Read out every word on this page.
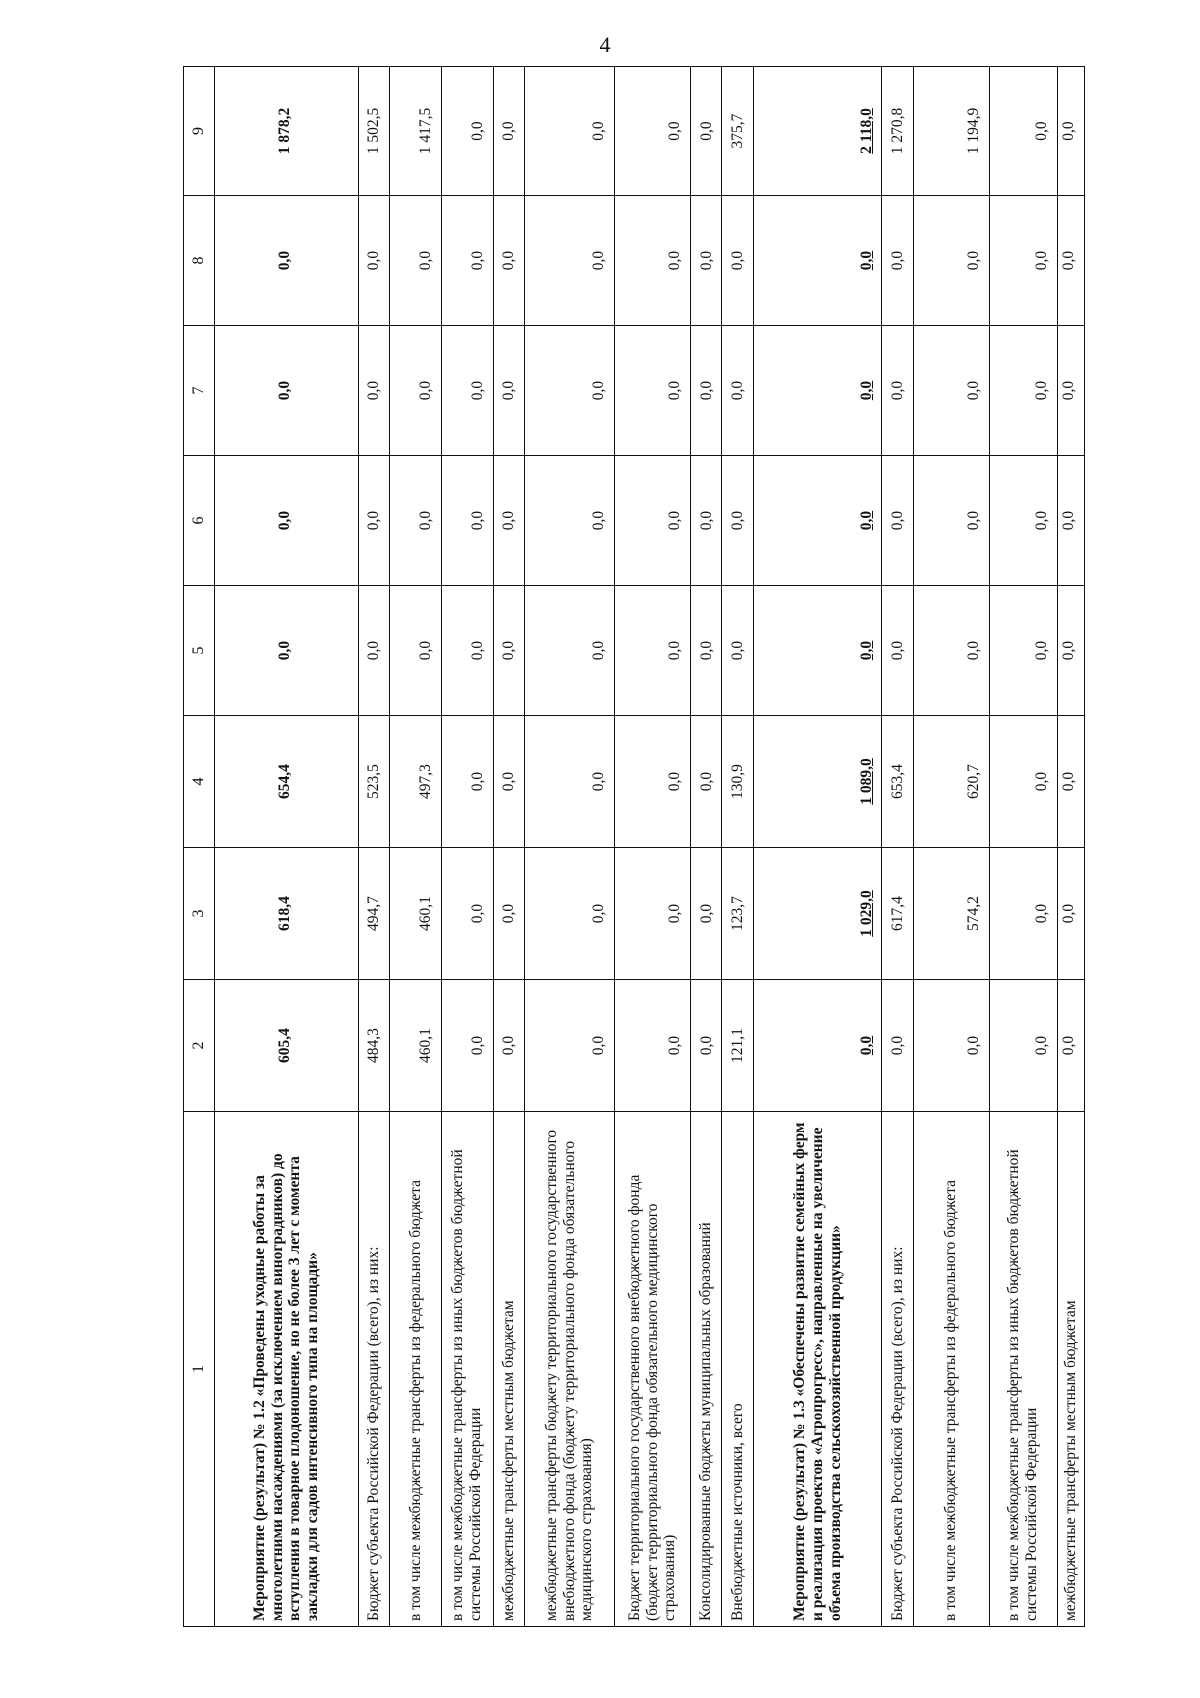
4
1	2	3	4	5	6	7	8	9
Мероприятие (результат) № 1.2 «Проведены уходные работы за многолетними насаждениями (за исключением виноградников) до вступления в товарное плодоношение, но не более 3 лет с момента закладки для садов интенсивного типа на площади»	605,4	618,4	654,4	0,0	0,0	0,0	0,0	1 878,2
Бюджет субъекта Российской Федерации (всего), из них:	484,3	494,7	523,5	0,0	0,0	0,0	0,0	1 502,5
в том числе межбюджетные трансферты из федерального бюджета	460,1	460,1	497,3	0,0	0,0	0,0	0,0	1 417,5
в том числе межбюджетные трансферты из иных бюджетов бюджетной системы Российской Федерации	0,0	0,0	0,0	0,0	0,0	0,0	0,0	0,0
межбюджетные трансферты местным бюджетам	0,0	0,0	0,0	0,0	0,0	0,0	0,0	0,0
межбюджетные трансферты бюджету территориального государственного внебюджетного фонда (бюджету территориального фонда обязательного медицинского страхования)	0,0	0,0	0,0	0,0	0,0	0,0	0,0	0,0
Бюджет территориального государственного внебюджетного фонда (бюджет территориального фонда обязательного медицинского страхования)	0,0	0,0	0,0	0,0	0,0	0,0	0,0	0,0
Консолидированные бюджеты муниципальных образований	0,0	0,0	0,0	0,0	0,0	0,0	0,0	0,0
Внебюджетные источники, всего	121,1	123,7	130,9	0,0	0,0	0,0	0,0	375,7
Мероприятие (результат) № 1.3 «Обеспечены развитие семейных ферм и реализация проектов «Агропрогресс», направленные на увеличение объема производства сельскохозяйственной продукции»	0,0	1 029,0	1 089,0	0,0	0,0	0,0	0,0	2 118,0
Бюджет субъекта Российской Федерации (всего), из них:	0,0	617,4	653,4	0,0	0,0	0,0	0,0	1 270,8
в том числе межбюджетные трансферты из федерального бюджета	0,0	574,2	620,7	0,0	0,0	0,0	0,0	1 194,9
в том числе межбюджетные трансферты из иных бюджетов бюджетной системы Российской Федерации	0,0	0,0	0,0	0,0	0,0	0,0	0,0	0,0
межбюджетные трансферты местным бюджетам	0,0	0,0	0,0	0,0	0,0	0,0	0,0	0,0
